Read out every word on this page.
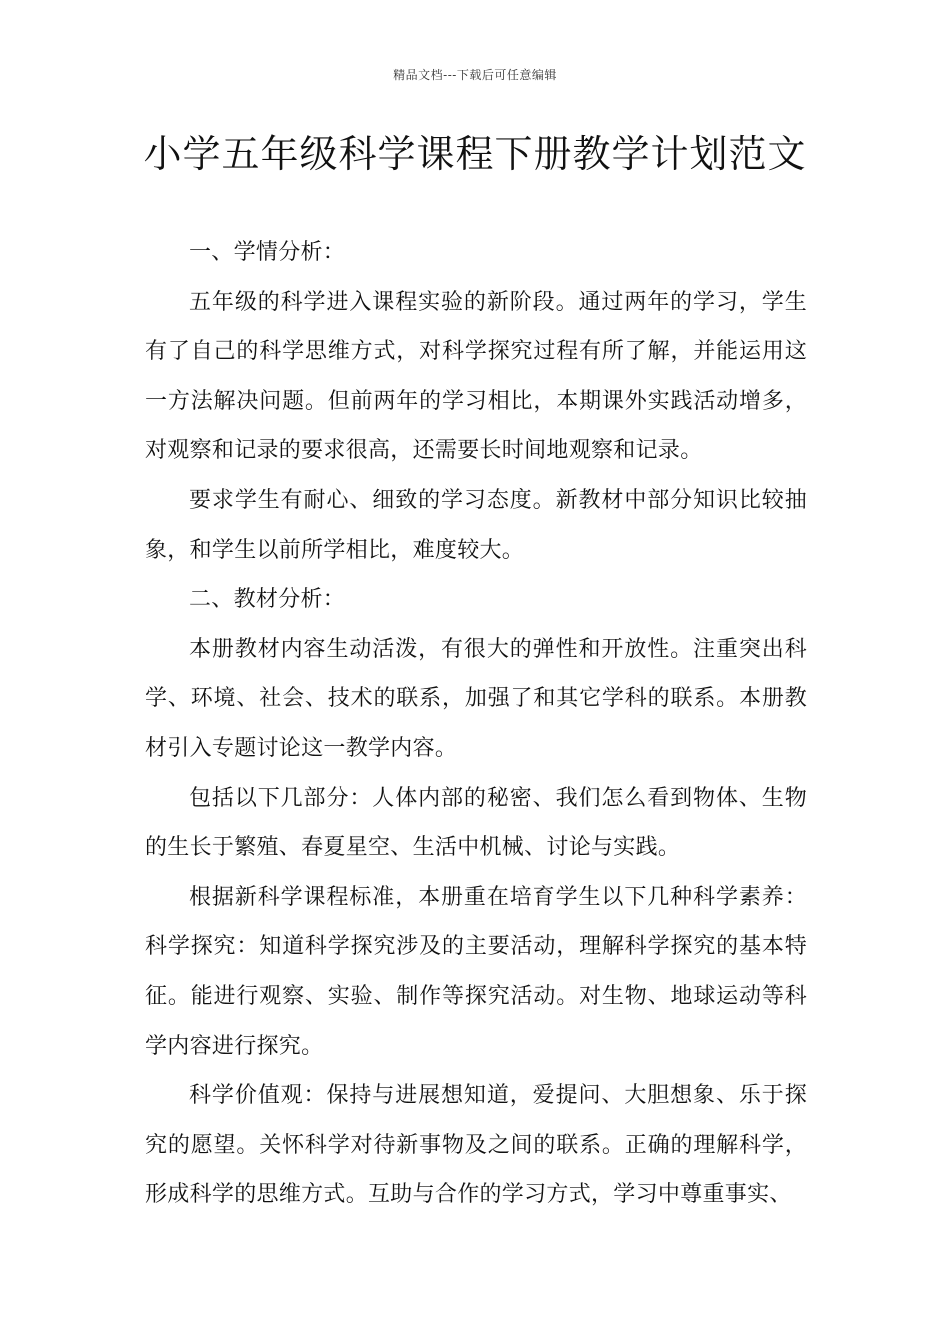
精品文档---下载后可任意编辑
小学五年级科学课程下册教学计划范文

一、学情分析：

五年级的科学进入课程实验的新阶段。通过两年的学习，学生有了自己的科学思维方式，对科学探究过程有所了解，并能运用这一方法解决问题。但前两年的学习相比，本期课外实践活动增多，对观察和记录的要求很高，还需要长时间地观察和记录。

要求学生有耐心、细致的学习态度。新教材中部分知识比较抽象，和学生以前所学相比，难度较大。

二、教材分析：

本册教材内容生动活泼，有很大的弹性和开放性。注重突出科学、环境、社会、技术的联系，加强了和其它学科的联系。本册教材引入专题讨论这一教学内容。

包括以下几部分：人体内部的秘密、我们怎么看到物体、生物的生长于繁殖、春夏星空、生活中机械、讨论与实践。

根据新科学课程标准，本册重在培育学生以下几种科学素养：科学探究：知道科学探究涉及的主要活动，理解科学探究的基本特征。能进行观察、实验、制作等探究活动。对生物、地球运动等科学内容进行探究。

科学价值观：保持与进展想知道，爱提问、大胆想象、乐于探究的愿望。关怀科学对待新事物及之间的联系。正确的理解科学，形成科学的思维方式。互助与合作的学习方式，学习中尊重事实、
